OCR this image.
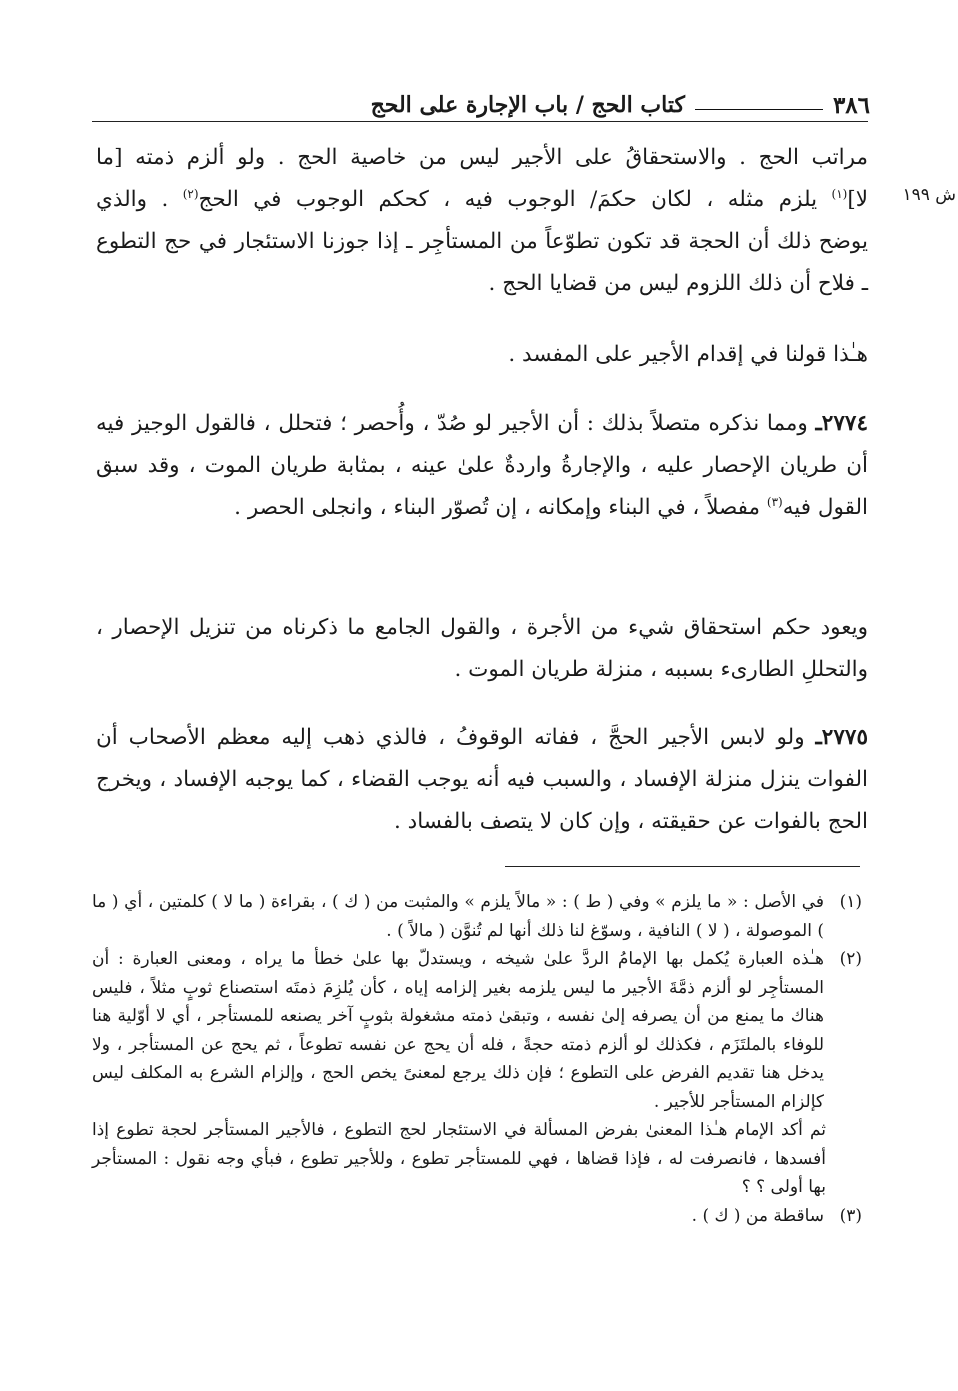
٣٨٦
كتاب الحج / باب الإجارة على الحج
ش ١٩٩

مراتب الحج . والاستحقاقُ على الأجير ليس من خاصية الحج . ولو ألزم ذمته [ما

لا]$^{(١)}$ يلزم مثله ، لكان حكمَ/ الوجوب فيه ، كحكم الوجوب في الحج$^{(٢)}$ . والذي

يوضح ذلك أن الحجة قد تكون تطوّعاً من المستأجِر ـ إذا جوزنا الاستئجار في حج التطوع ـ فلاح أن ذلك اللزوم ليس من قضايا الحج .

هـٰذا قولنا في إقدام الأجير على المفسد .

٢٧٧٤ـ ومما نذكره متصلاً بذلك : أن الأجير لو صُدّ ، وأُحصر ؛ فتحلل ، فالقول الوجيز فيه أن طريان الإحصار عليه ، والإجارةُ واردةٌ علىٰ عينه ، بمثابة طريان الموت ، وقد سبق القول فيه$^{(٣)}$ مفصلاً ، في البناء وإمكانه ، إن تُصوّر البناء ، وانجلى الحصر .

ويعود حكم استحقاق شيء من الأجرة ، والقول الجامع ما ذكرناه من تنزيل الإحصار ، والتحللِ الطارىء بسببه ، منزلة طريان الموت .

٢٧٧٥ـ ولو لابس الأجير الحجَّ ، ففاته الوقوفُ ، فالذي ذهب إليه معظم الأصحاب أن الفوات ينزل منزلة الإفساد ، والسبب فيه أنه يوجب القضاء ، كما يوجبه الإفساد ، ويخرج الحج بالفوات عن حقيقته ، وإن كان لا يتصف بالفساد .

(١)
في الأصل : « ما يلزم » وفي ( ط ) : « مالاً يلزم » والمثبت من ( ك ) ، بقراءة ( ما لا ) كلمتين ، أي ( ما ) الموصولة ، ( لا ) النافية ، وسوّغ لنا ذلك أنها لم تُنوَّن ( مالاً ) .
(٢)
هـٰذه العبارة يُكمل بها الإمامُ الردَّ علىٰ شيخه ، ويستدلّ بها علىٰ خطأ ما يراه ، ومعنى العبارة : أن المستأجِر لو ألزم ذمَّةَ الأجير ما ليس يلزمه بغير إلزامه إياه ، كأن يُلزِمَ ذمتَه استصناع ثوبٍ مثلاً ، فليس هناك ما يمنع من أن يصرفه إلىٰ نفسه ، وتبقىٰ ذمته مشغولة بثوبٍ آخر يصنعه للمستأجر ، أي لا أوّلية هنا للوفاء بالملتَزَم ، فكذلك لو ألزم ذمته حجةً ، فله أن يحج عن نفسه تطوعاً ، ثم يحج عن المستأجر ، ولا يدخل هنا تقديم الفرض على التطوع ؛ فإن ذلك يرجع لمعنىً يخص الحج ، وإلزام الشرع به المكلف ليس كإلزام المستأجر للأجير .

ثم أكد الإمام هـٰذا المعنىٰ بفرض المسألة في الاستئجار لحج التطوع ، فالأجير المستأجر لحجة تطوع إذا أفسدها ، فانصرفت له ، فإذا قضاها ، فهي للمستأجر تطوع ، وللأجير تطوع ، فبأي وجه نقول : المستأجر بها أولى ؟ ؟

(٣)
ساقطة من ( ك ) .
